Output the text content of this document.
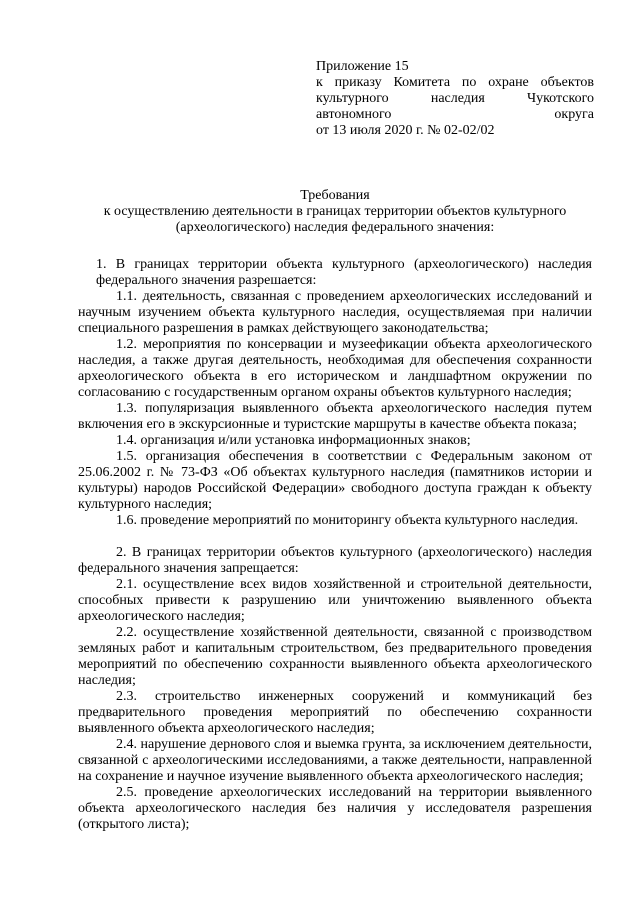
Приложение 15
к приказу Комитета по охране объектов культурного наследия Чукотского автономного округа
от 13 июля 2020 г. № 02-02/02
Требования
к осуществлению деятельности в границах территории объектов культурного (археологического) наследия федерального значения:

1. В границах территории объекта культурного (археологического) наследия федерального значения разрешается:

1.1. деятельность, связанная с проведением археологических исследований и научным изучением объекта культурного наследия, осуществляемая при наличии специального разрешения в рамках действующего законодательства;

1.2. мероприятия по консервации и музеефикации объекта археологического наследия, а также другая деятельность, необходимая для обеспечения сохранности археологического объекта в его историческом и ландшафтном окружении по согласованию с государственным органом охраны объектов культурного наследия;

1.3. популяризация выявленного объекта археологического наследия путем включения его в экскурсионные и туристские маршруты в качестве объекта показа;

1.4. организация и/или установка информационных знаков;

1.5. организация обеспечения в соответствии с Федеральным законом от 25.06.2002 г. № 73-ФЗ «Об объектах культурного наследия (памятников истории и культуры) народов Российской Федерации» свободного доступа граждан к объекту культурного наследия;

1.6. проведение мероприятий по мониторингу объекта культурного наследия.

2. В границах территории объектов культурного (археологического) наследия федерального значения запрещается:

2.1. осуществление всех видов хозяйственной и строительной деятельности, способных привести к разрушению или уничтожению выявленного объекта археологического наследия;

2.2. осуществление хозяйственной деятельности, связанной с производством земляных работ и капитальным строительством, без предварительного проведения мероприятий по обеспечению сохранности выявленного объекта археологического наследия;

2.3. строительство инженерных сооружений и коммуникаций без предварительного проведения мероприятий по обеспечению сохранности выявленного объекта археологического наследия;

2.4. нарушение дернового слоя и выемка грунта, за исключением деятельности, связанной с археологическими исследованиями, а также деятельности, направленной на сохранение и научное изучение выявленного объекта археологического наследия;

2.5. проведение археологических исследований на территории выявленного объекта археологического наследия без наличия у исследователя разрешения (открытого листа);
